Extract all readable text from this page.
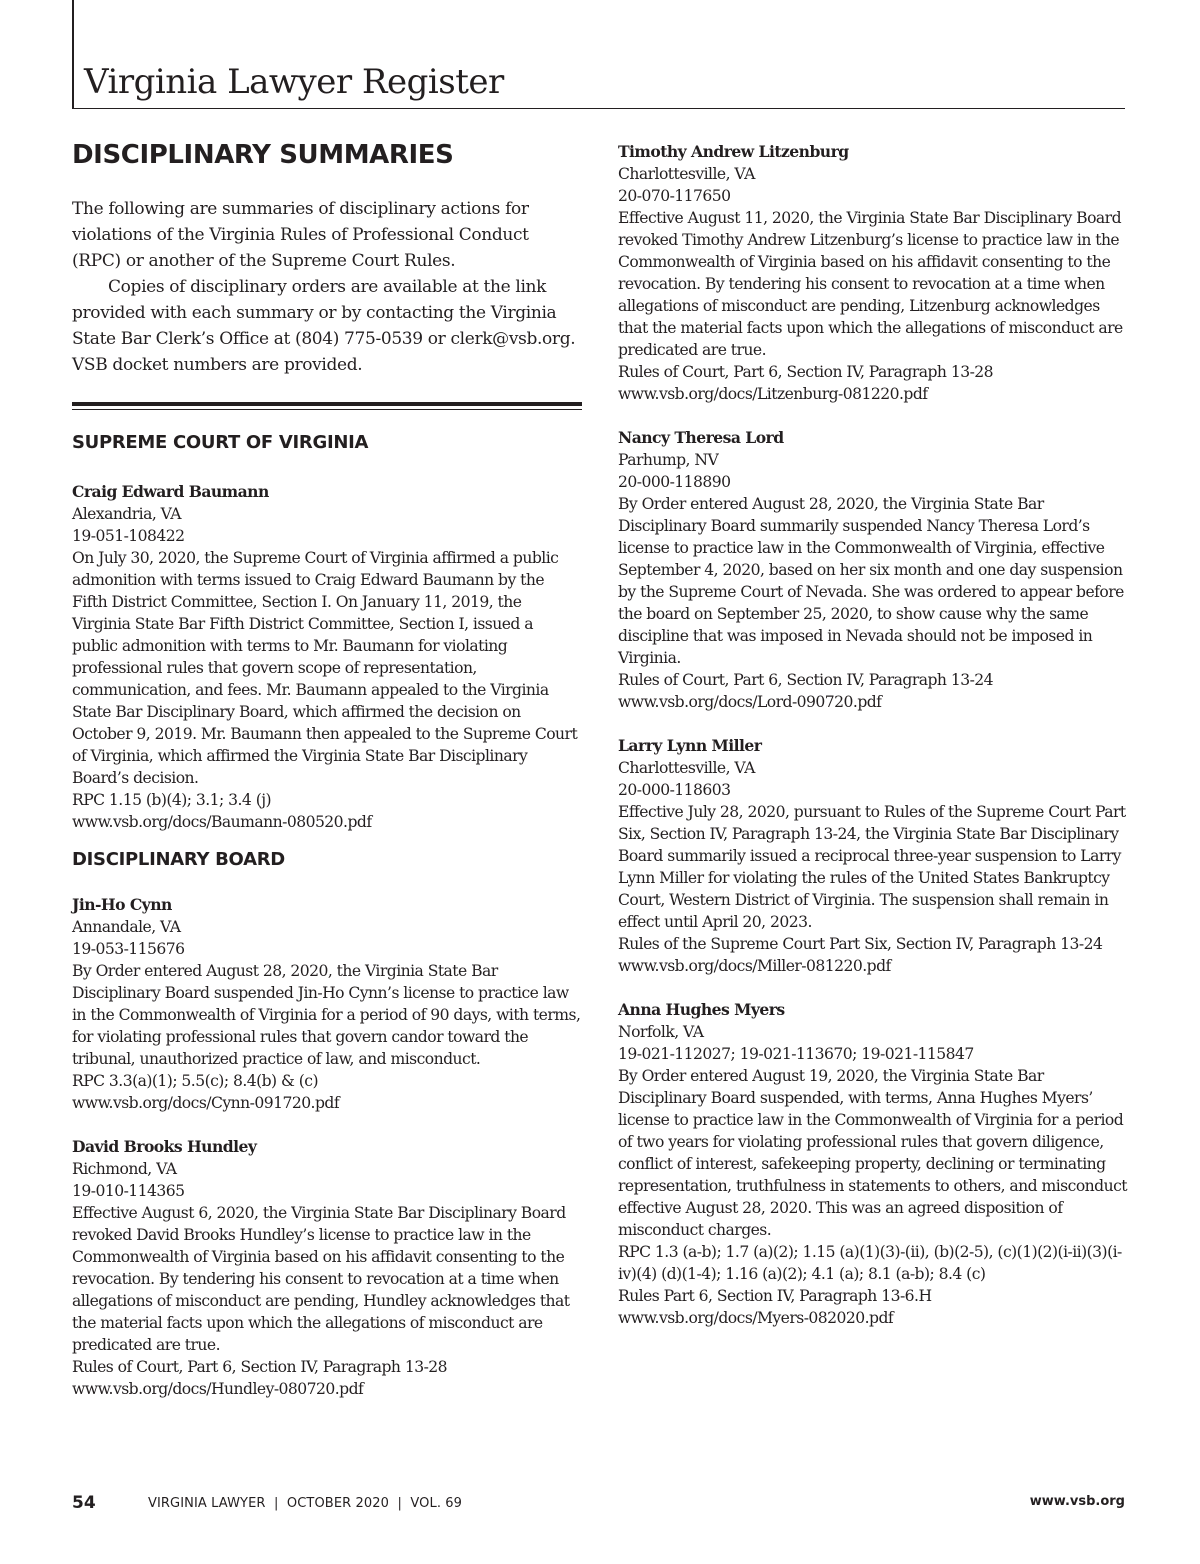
Virginia Lawyer Register
DISCIPLINARY SUMMARIES

The following are summaries of disciplinary actions for violations of the Virginia Rules of Professional Conduct (RPC) or another of the Supreme Court Rules.

Copies of disciplinary orders are available at the link provided with each summary or by contacting the Virginia State Bar Clerk’s Office at (804) 775-0539 or clerk@vsb.org. VSB docket numbers are provided.

SUPREME COURT OF VIRGINIA
Craig Edward Baumann
Alexandria, VA
19-051-108422
On July 30, 2020, the Supreme Court of Virginia affirmed a public admonition with terms issued to Craig Edward Baumann by the Fifth District Committee, Section I. On January 11, 2019, the Virginia State Bar Fifth District Committee, Section I, issued a public admonition with terms to Mr. Baumann for violating professional rules that govern scope of representation, communication, and fees. Mr. Baumann appealed to the Virginia State Bar Disciplinary Board, which affirmed the decision on October 9, 2019. Mr. Baumann then appealed to the Supreme Court of Virginia, which affirmed the Virginia State Bar Disciplinary Board’s decision.
RPC 1.15 (b)(4); 3.1; 3.4 (j)
www.vsb.org/docs/Baumann-080520.pdf
DISCIPLINARY BOARD
Jin-Ho Cynn
Annandale, VA
19-053-115676
By Order entered August 28, 2020, the Virginia State Bar Disciplinary Board suspended Jin-Ho Cynn’s license to practice law in the Commonwealth of Virginia for a period of 90 days, with terms, for violating professional rules that govern candor toward the tribunal, unauthorized practice of law, and misconduct.
RPC 3.3(a)(1); 5.5(c); 8.4(b) & (c)
www.vsb.org/docs/Cynn-091720.pdf
David Brooks Hundley
Richmond, VA
19-010-114365
Effective August 6, 2020, the Virginia State Bar Disciplinary Board revoked David Brooks Hundley’s license to practice law in the Commonwealth of Virginia based on his affidavit consenting to the revocation. By tendering his consent to revocation at a time when allegations of misconduct are pending, Hundley acknowledges that the material facts upon which the allegations of misconduct are predicated are true.
Rules of Court, Part 6, Section IV, Paragraph 13-28
www.vsb.org/docs/Hundley-080720.pdf
Timothy Andrew Litzenburg
Charlottesville, VA
20-070-117650
Effective August 11, 2020, the Virginia State Bar Disciplinary Board revoked Timothy Andrew Litzenburg’s license to practice law in the Commonwealth of Virginia based on his affidavit consenting to the revocation. By tendering his consent to revocation at a time when allegations of misconduct are pending, Litzenburg acknowledges that the material facts upon which the allegations of misconduct are predicated are true.
Rules of Court, Part 6, Section IV, Paragraph 13-28
www.vsb.org/docs/Litzenburg-081220.pdf
Nancy Theresa Lord
Parhump, NV
20-000-118890
By Order entered August 28, 2020, the Virginia State Bar Disciplinary Board summarily suspended Nancy Theresa Lord’s license to practice law in the Commonwealth of Virginia, effective September 4, 2020, based on her six month and one day suspension by the Supreme Court of Nevada. She was ordered to appear before the board on September 25, 2020, to show cause why the same discipline that was imposed in Nevada should not be imposed in Virginia.
Rules of Court, Part 6, Section IV, Paragraph 13-24
www.vsb.org/docs/Lord-090720.pdf
Larry Lynn Miller
Charlottesville, VA
20-000-118603
Effective July 28, 2020, pursuant to Rules of the Supreme Court Part Six, Section IV, Paragraph 13-24, the Virginia State Bar Disciplinary Board summarily issued a reciprocal three-year suspension to Larry Lynn Miller for violating the rules of the United States Bankruptcy Court, Western District of Virginia. The suspension shall remain in effect until April 20, 2023.
Rules of the Supreme Court Part Six, Section IV, Paragraph 13-24
www.vsb.org/docs/Miller-081220.pdf
Anna Hughes Myers
Norfolk, VA
19-021-112027; 19-021-113670; 19-021-115847
By Order entered August 19, 2020, the Virginia State Bar Disciplinary Board suspended, with terms, Anna Hughes Myers’ license to practice law in the Commonwealth of Virginia for a period of two years for violating professional rules that govern diligence, conflict of interest, safekeeping property, declining or terminating representation, truthfulness in statements to others, and misconduct effective August 28, 2020. This was an agreed disposition of misconduct charges.
RPC 1.3 (a-b); 1.7 (a)(2); 1.15 (a)(1)(3)-(ii), (b)(2-5), (c)(1)(2)(i-ii)(3)(i-iv)(4) (d)(1-4); 1.16 (a)(2); 4.1 (a); 8.1 (a-b); 8.4 (c)
Rules Part 6, Section IV, Paragraph 13-6.H
www.vsb.org/docs/Myers-082020.pdf
54	VIRGINIA LAWYER  |  OCTOBER 2020  |  VOL. 69	www.vsb.org
